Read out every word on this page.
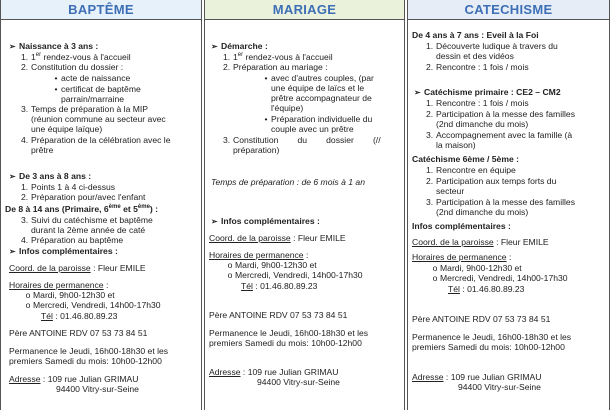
BAPTÊME
➢ Naissance à 3 ans :
1. 1er rendez-vous à l'accueil
2. Constitution du dossier :
• acte de naissance
• certificat de baptême
parrain/marraine
3. Temps de préparation à la MIP
(réunion commune au secteur avec
une équipe laïque)
4. Préparation de la célébration avec le
prêtre
➢ De 3 ans à 8 ans :
1. Points 1 à 4 ci-dessus
2. Préparation pour/avec l'enfant
De 8 à 14 ans (Primaire, 6ème et 5ème) :
3. Suivi du catéchisme et baptême
durant la 2ème année de caté
4. Préparation au baptême
➢ Infos complémentaires :
Coord. de la paroisse : Fleur EMILE
Horaires de permanence :
o Mardi, 9h00-12h30 et
o Mercredi, Vendredi, 14h00-17h30
Tél : 01.46.80.89.23
Père ANTOINE RDV 07 53 73 84 51
Permanence le Jeudi, 16h00-18h30 et les
premiers Samedi du mois: 10h00-12h00
Adresse : 109 rue Julian GRIMAU
94400 Vitry-sur-Seine
MARIAGE
➢ Démarche :
1. 1er rendez-vous à l'accueil
2. Préparation au mariage :
• avec d'autres couples, (par
une équipe de laïcs et le
prêtre accompagnateur de
l'équipe)
• Préparation individuelle du
couple avec un prêtre
3. Constitution        du        dossier        (//
préparation)
Temps de préparation : de 6 mois à 1 an
➢ Infos complémentaires :
Coord. de la paroisse : Fleur EMILE
Horaires de permanence :
o Mardi, 9h00-12h30 et
o Mercredi, Vendredi, 14h00-17h30
Tél : 01.46.80.89.23
Père ANTOINE RDV 07 53 73 84 51
Permanence le Jeudi, 16h00-18h30 et les
premiers Samedi du mois: 10h00-12h00
Adresse : 109 rue Julian GRIMAU
94400 Vitry-sur-Seine
CATECHISME
De 4 ans à 7 ans : Eveil à la Foi
1. Découverte ludique à travers du
dessin et des vidéos
2. Rencontre : 1 fois / mois
➢ Catéchisme primaire : CE2 – CM2
1. Rencontre : 1 fois / mois
2. Participation à la messe des familles
(2nd dimanche du mois)
3. Accompagnement avec la famille (à
la maison)
Catéchisme 6ème / 5ème :
1. Rencontre en équipe
2. Participation aux temps forts du
secteur
3. Participation à la messe des familles
(2nd dimanche du mois)
Infos complémentaires :
Coord. de la paroisse : Fleur EMILE
Horaires de permanence :
o Mardi, 9h00-12h30 et
o Mercredi, Vendredi, 14h00-17h30
Tél : 01.46.80.89.23
Père ANTOINE RDV 07 53 73 84 51
Permanence le Jeudi, 16h00-18h30 et les
premiers Samedi du mois: 10h00-12h00
Adresse : 109 rue Julian GRIMAU
94400 Vitry-sur-Seine
